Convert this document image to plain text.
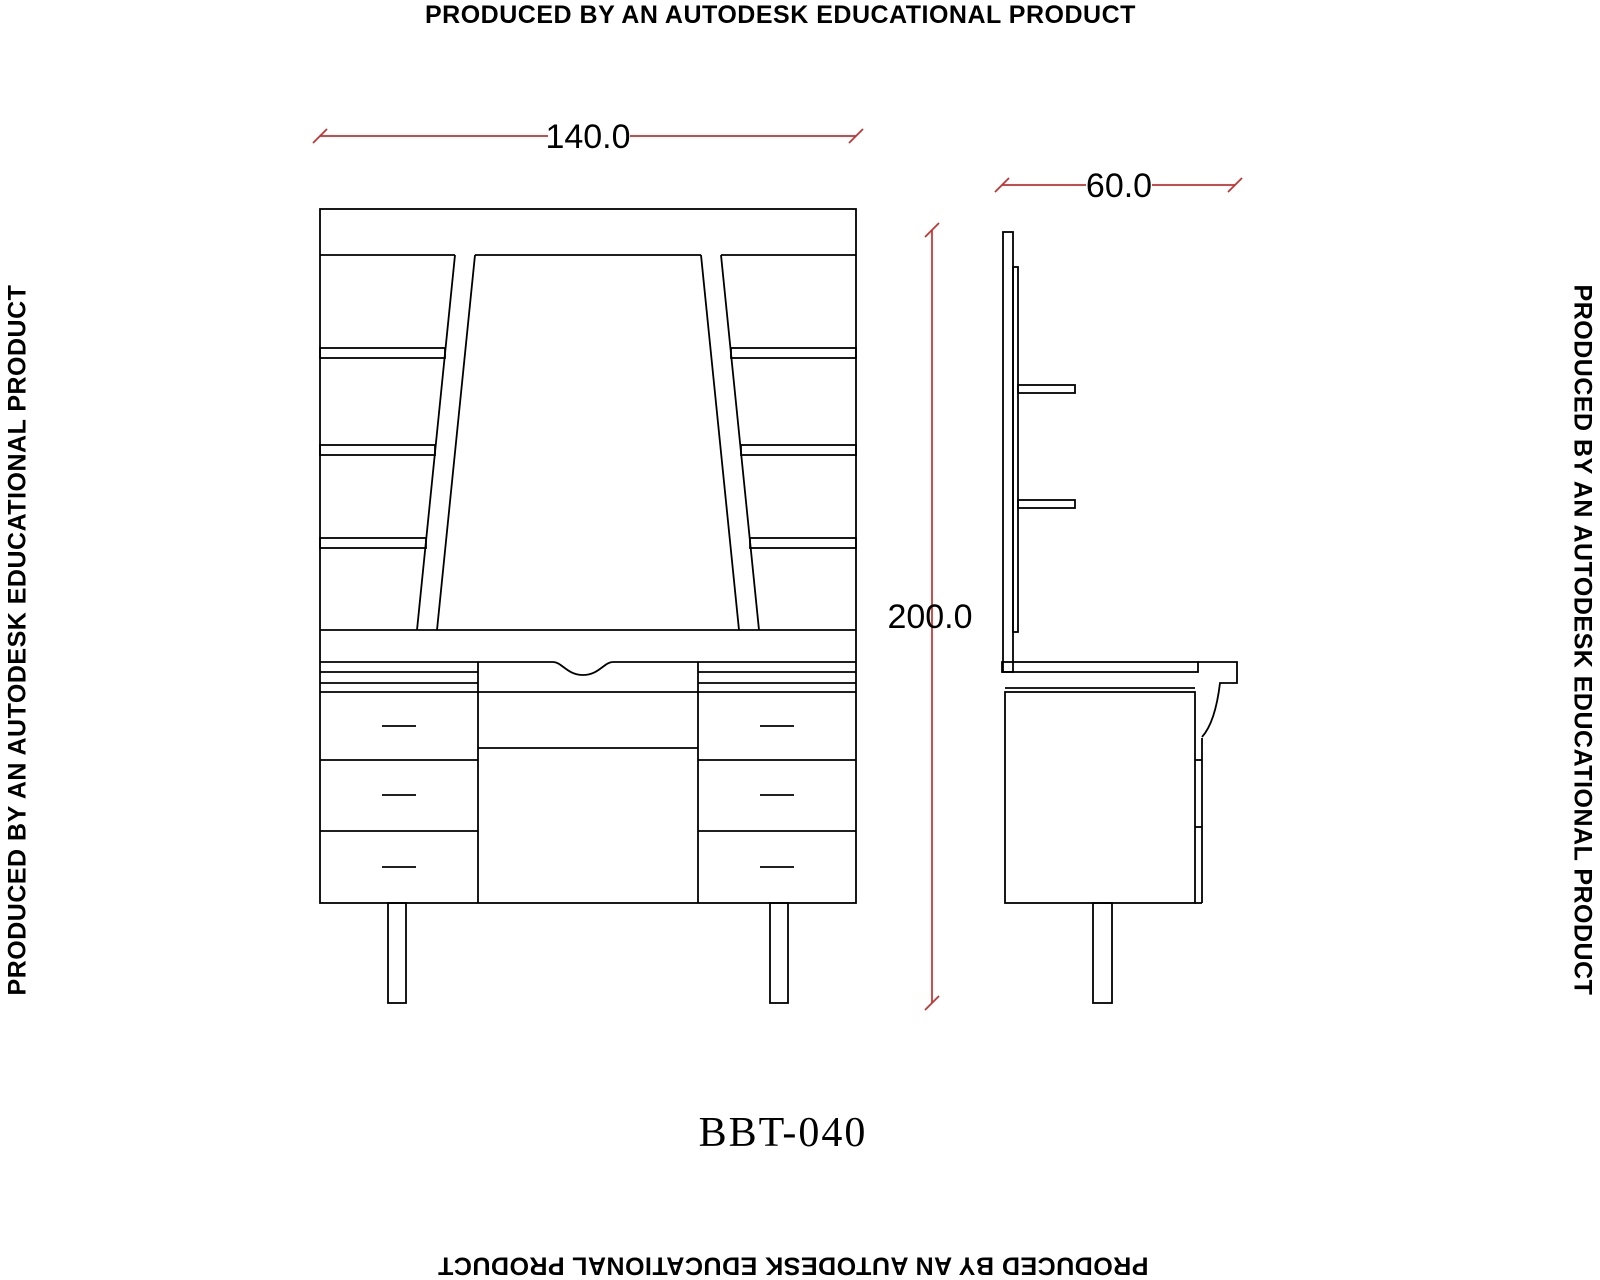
PRODUCED BY AN AUTODESK EDUCATIONAL PRODUCT
PRODUCED BY AN AUTODESK EDUCATIONAL PRODUCT
PRODUCED BY AN AUTODESK EDUCATIONAL PRODUCT	PRODUCED BY AN AUTODESK EDUCATIONAL PRODUCT
140.0
60.0
200.0
BBT-040
